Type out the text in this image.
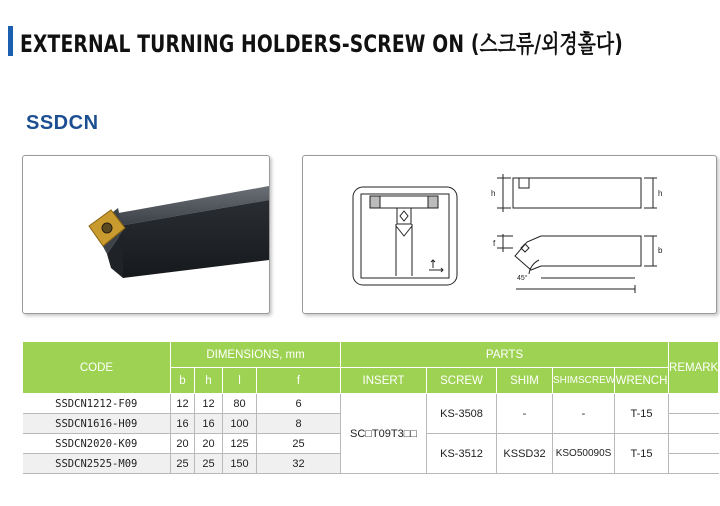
EXTERNAL TURNING HOLDERS-SCREW ON (스크류/외경홀다)
SSDCN
h	h
f
b
45°
CODE	DIMENSIONS, mm				PARTS					REMARK
	b	h	l	f	INSERT	SCREW	SHIM	SHIMSCREW	WRENCH	
SSDCN1212-F09	12	12	80	6	SC□T09T3□□	KS-3508	-	-	T-15	
SSDCN1616-H09	16	16	100	8						
SSDCN2020-K09	20	20	125	25		KS-3512	KSSD32	KSO50090S	T-15	
SSDCN2525-M09	25	25	150	32						
